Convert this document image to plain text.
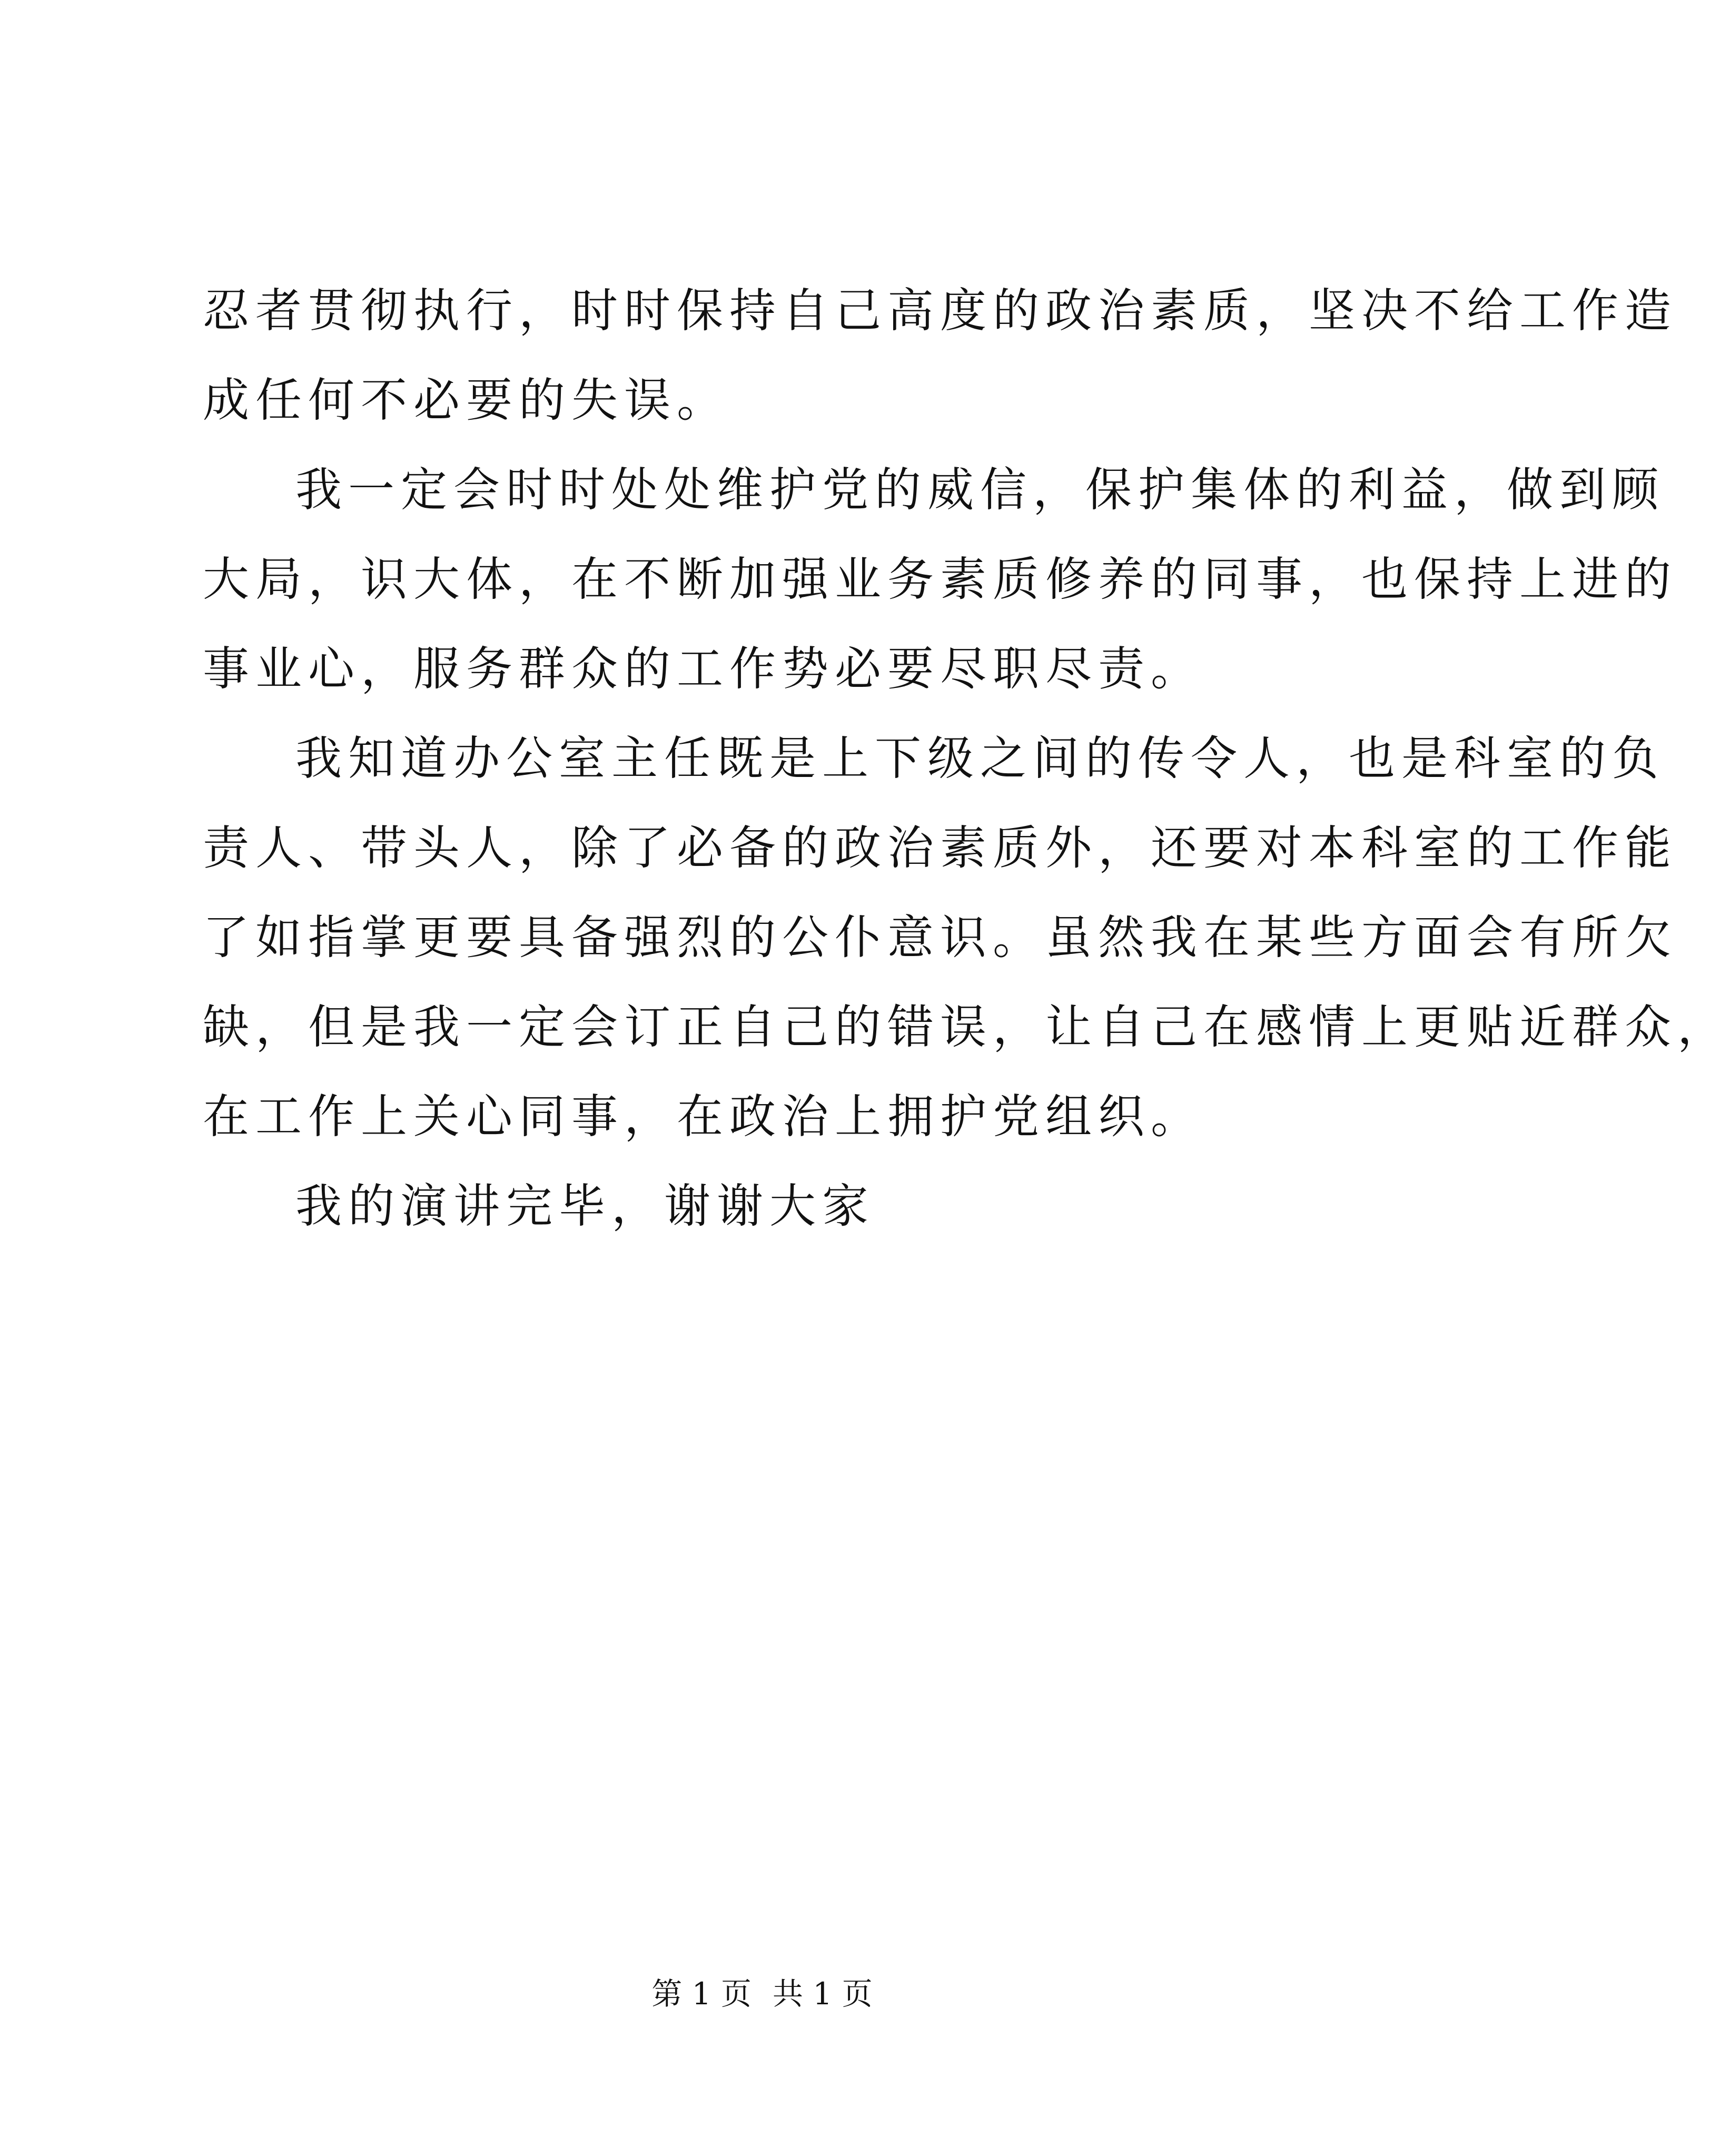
忍者贯彻执行，时时保持自己高度的政治素质，坚决不给工作造
成任何不必要的失误。
我一定会时时处处维护党的威信，保护集体的利益，做到顾
大局，识大体，在不断加强业务素质修养的同事，也保持上进的
事业心，服务群众的工作势必要尽职尽责。
我知道办公室主任既是上下级之间的传令人，也是科室的负
责人、带头人，除了必备的政治素质外，还要对本科室的工作能
了如指掌更要具备强烈的公仆意识。虽然我在某些方面会有所欠
缺，但是我一定会订正自己的错误，让自己在感情上更贴近群众，
在工作上关心同事，在政治上拥护党组织。
我的演讲完毕，谢谢大家
第 1 页 共 1 页
